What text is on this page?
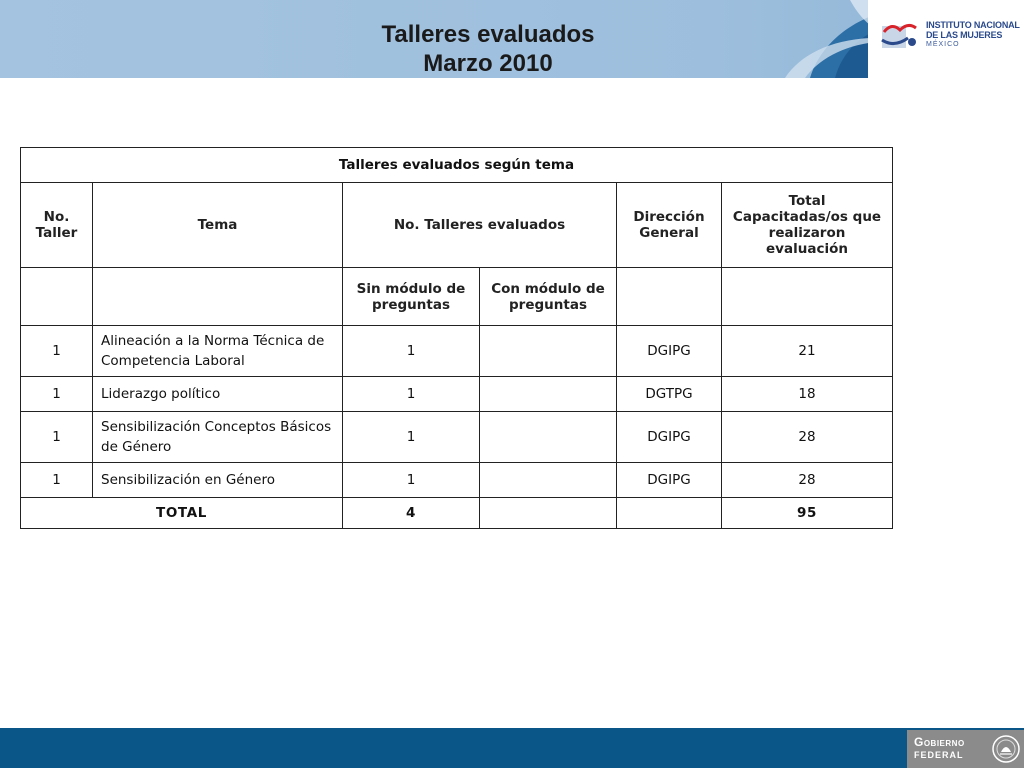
INSTITUTO NACIONAL
DE LAS MUJERES
MÉXICO
Talleres evaluados
Marzo 2010
Talleres evaluados según tema					
No. Taller	Tema	No. Talleres evaluados		Dirección General	Total Capacitadas/os que realizaron evaluación
		Sin módulo de preguntas	Con módulo de preguntas		
1	Alineación a la Norma Técnica de Competencia Laboral	1		DGIPG	21
1	Liderazgo político	1		DGTPG	18
1	Sensibilización Conceptos Básicos de Género	1		DGIPG	28
1	Sensibilización en Género	1		DGIPG	28
TOTAL		4			95
Gobierno
FEDERAL
